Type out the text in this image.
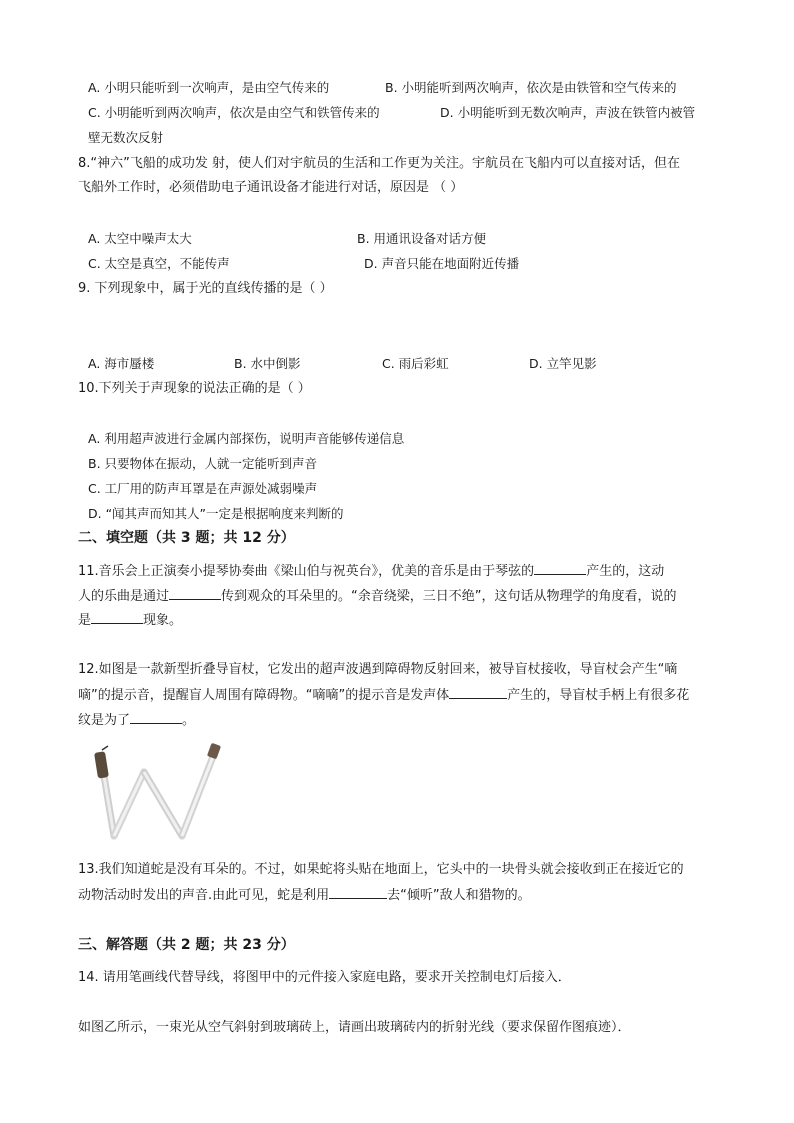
A. 小明只能听到一次响声，是由空气传来的	B. 小明能听到两次响声，依次是由铁管和空气传来的
C. 小明能听到两次响声，依次是由空气和铁管传来的	D. 小明能听到无数次响声，声波在铁管内被管
壁无数次反射
8.“神六”飞船的成功发 射，使人们对宇航员的生活和工作更为关注。宇航员在飞船内可以直接对话，但在
飞船外工作时，必须借助电子通讯设备才能进行对话，原因是 （ ）
A. 太空中噪声太大	B. 用通讯设备对话方便
C. 太空是真空，不能传声	D. 声音只能在地面附近传播
9. 下列现象中，属于光的直线传播的是（ ）
A. 海市蜃楼	B. 水中倒影	C. 雨后彩虹	D. 立竿见影
10.下列关于声现象的说法正确的是（ ）
A. 利用超声波进行金属内部探伤，说明声音能够传递信息
B. 只要物体在振动，人就一定能听到声音
C. 工厂用的防声耳罩是在声源处减弱噪声
D. “闻其声而知其人”一定是根据响度来判断的
二、填空题（共 3 题；共 12 分）
11.音乐会上正演奏小提琴协奏曲《梁山伯与祝英台》，优美的音乐是由于琴弦的	产生的，这动
人的乐曲是通过	传到观众的耳朵里的。“余音绕梁，三日不绝”，这句话从物理学的角度看，说的
是	现象。
12.如图是一款新型折叠导盲杖，它发出的超声波遇到障碍物反射回来，被导盲杖接收，导盲杖会产生“嘀
嘀”的提示音，提醒盲人周围有障碍物。“嘀嘀”的提示音是发声体	产生的，导盲杖手柄上有很多花
纹是为了	。
13.我们知道蛇是没有耳朵的。不过，如果蛇将头贴在地面上，它头中的一块骨头就会接收到正在接近它的
动物活动时发出的声音.由此可见，蛇是利用	去“倾听”敌人和猎物的。
三、解答题（共 2 题；共 23 分）
14. 请用笔画线代替导线，将图甲中的元件接入家庭电路，要求开关控制电灯后接入．
如图乙所示，一束光从空气斜射到玻璃砖上，请画出玻璃砖内的折射光线（要求保留作图痕迹）．
